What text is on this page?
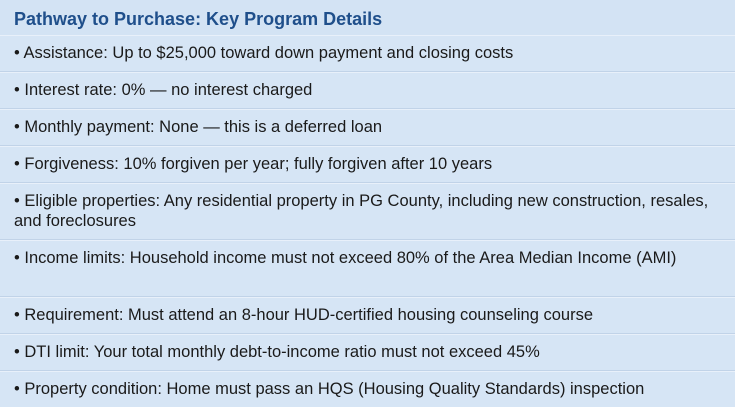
Pathway to Purchase: Key Program Details
• Assistance: Up to $25,000 toward down payment and closing costs
• Interest rate: 0% — no interest charged
• Monthly payment: None — this is a deferred loan
• Forgiveness: 10% forgiven per year; fully forgiven after 10 years
• Eligible properties: Any residential property in PG County, including new construction, resales, and foreclosures
• Income limits: Household income must not exceed 80% of the Area Median Income (AMI)
• Requirement: Must attend an 8-hour HUD-certified housing counseling course
• DTI limit: Your total monthly debt-to-income ratio must not exceed 45%
• Property condition: Home must pass an HQS (Housing Quality Standards) inspection
